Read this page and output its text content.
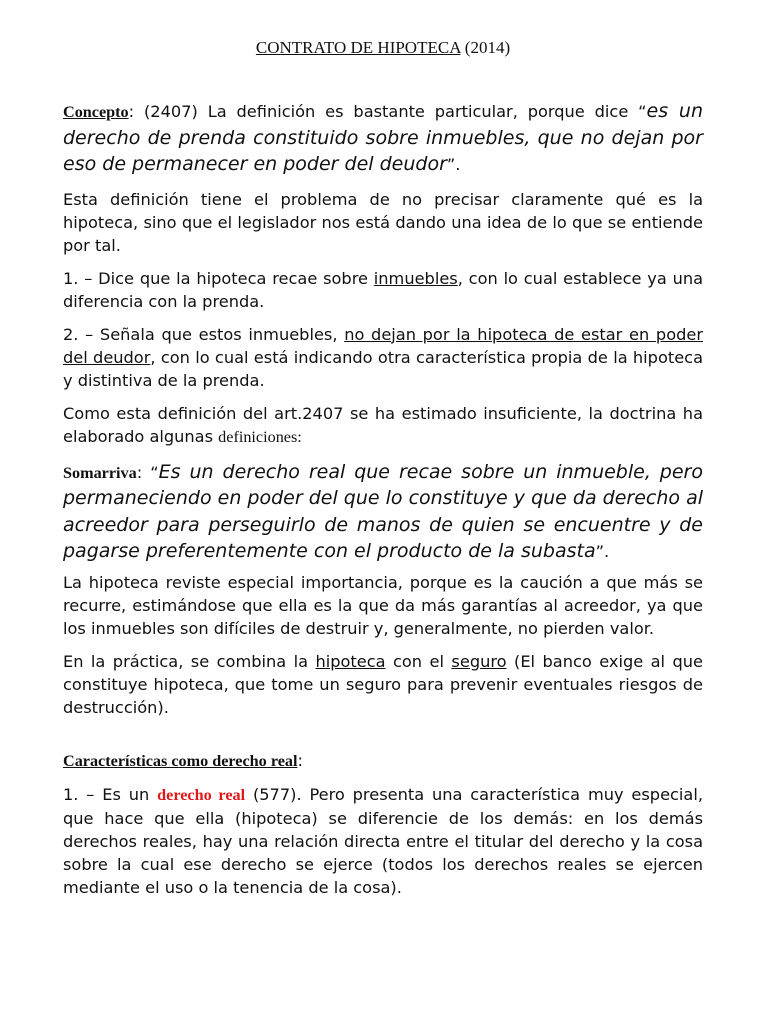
CONTRATO DE HIPOTECA (2014)

Concepto: (2407) La definición es bastante particular, porque dice “es un derecho de prenda constituido sobre inmuebles, que no dejan por eso de permanecer en poder del deudor”.

Esta definición tiene el problema de no precisar claramente qué es la hipoteca, sino que el legislador nos está dando una idea de lo que se entiende por tal.

1. – Dice que la hipoteca recae sobre inmuebles, con lo cual establece ya una diferencia con la prenda.

2. – Señala que estos inmuebles, no dejan por la hipoteca de estar en poder del deudor, con lo cual está indicando otra característica propia de la hipoteca y distintiva de la prenda.

Como esta definición del art.2407 se ha estimado insuficiente, la doctrina ha elaborado algunas definiciones:

Somarriva: “Es un derecho real que recae sobre un inmueble, pero permaneciendo en poder del que lo constituye y que da derecho al acreedor para perseguirlo de manos de quien se encuentre y de pagarse preferentemente con el producto de la subasta”.

La hipoteca reviste especial importancia, porque es la caución a que más se recurre, estimándose que ella es la que da más garantías al acreedor, ya que los inmuebles son difíciles de destruir y, generalmente, no pierden valor.

En la práctica, se combina la hipoteca con el seguro (El banco exige al que constituye hipoteca, que tome un seguro para prevenir eventuales riesgos de destrucción).

Características como derecho real:

1. – Es un derecho real (577). Pero presenta una característica muy especial, que hace que ella (hipoteca) se diferencie de los demás: en los demás derechos reales, hay una relación directa entre el titular del derecho y la cosa sobre la cual ese derecho se ejerce (todos los derechos reales se ejercen mediante el uso o la tenencia de la cosa).
